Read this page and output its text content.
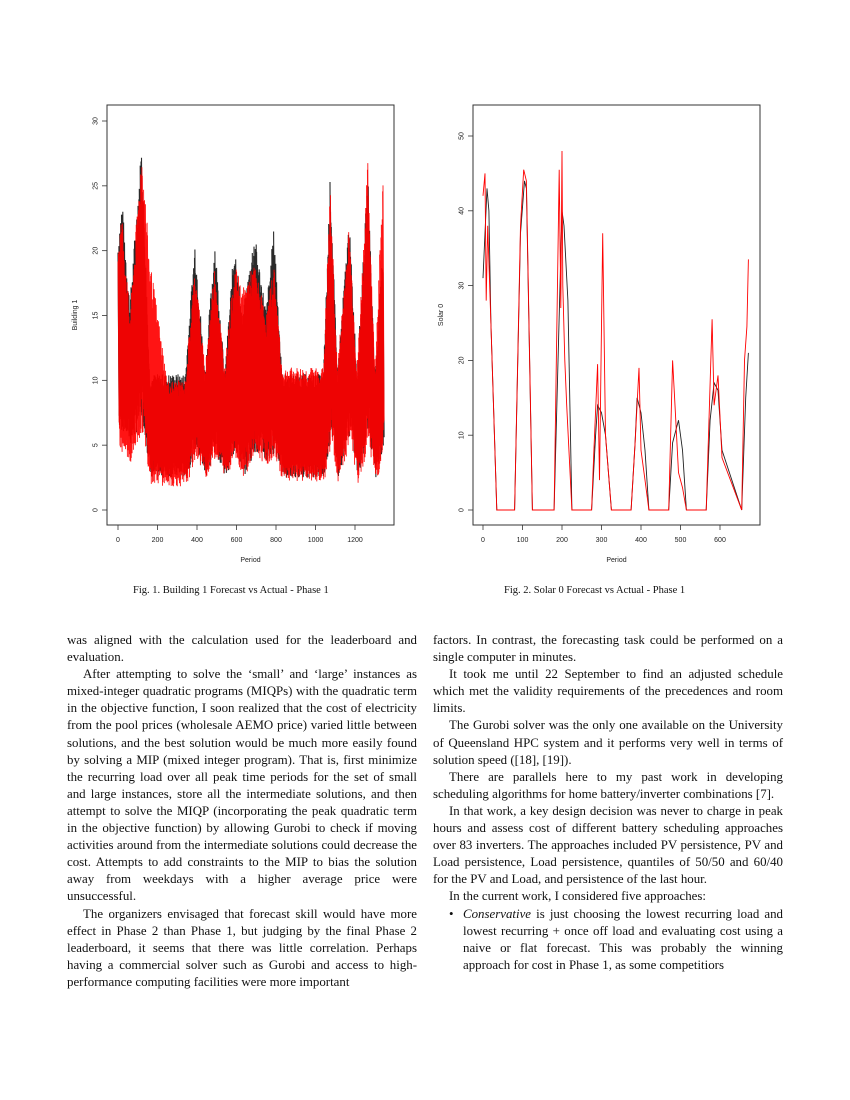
0	200	400	600	800	1000	1200
0
5
10
15
20
25
30
Period
Building 1
Fig. 1. Building 1 Forecast vs Actual - Phase 1
0	100	200	300	400	500	600
0
10
20
30
40
50
Period
Solar 0
Fig. 2. Solar 0 Forecast vs Actual - Phase 1

was aligned with the calculation used for the leaderboard and evaluation.

After attempting to solve the ‘small’ and ‘large’ instances as mixed-integer quadratic programs (MIQPs) with the quadratic term in the objective function, I soon realized that the cost of electricity from the pool prices (wholesale AEMO price) varied little between solutions, and the best solution would be much more easily found by solving a MIP (mixed integer program). That is, first minimize the recurring load over all peak time periods for the set of small and large instances, store all the intermediate solutions, and then attempt to solve the MIQP (incorporating the peak quadratic term in the objective function) by allowing Gurobi to check if moving activities around from the intermediate solutions could decrease the cost. Attempts to add constraints to the MIP to bias the solution away from weekdays with a higher average price were unsuccessful.

The organizers envisaged that forecast skill would have more effect in Phase 2 than Phase 1, but judging by the final Phase 2 leaderboard, it seems that there was little correlation. Perhaps having a commercial solver such as Gurobi and access to high-performance computing facilities were more important

factors. In contrast, the forecasting task could be performed on a single computer in minutes.

It took me until 22 September to find an adjusted schedule which met the validity requirements of the precedences and room limits.

The Gurobi solver was the only one available on the University of Queensland HPC system and it performs very well in terms of solution speed ([18], [19]).

There are parallels here to my past work in developing scheduling algorithms for home battery/inverter combinations [7].

In that work, a key design decision was never to charge in peak hours and assess cost of different battery scheduling approaches over 83 inverters. The approaches included PV persistence, PV and Load persistence, Load persistence, quantiles of 50/50 and 60/40 for the PV and Load, and persistence of the last hour.

In the current work, I considered five approaches:

• Conservative is just choosing the lowest recurring load and lowest recurring + once off load and evaluating cost using a naive or flat forecast. This was probably the winning approach for cost in Phase 1, as some competitiors
